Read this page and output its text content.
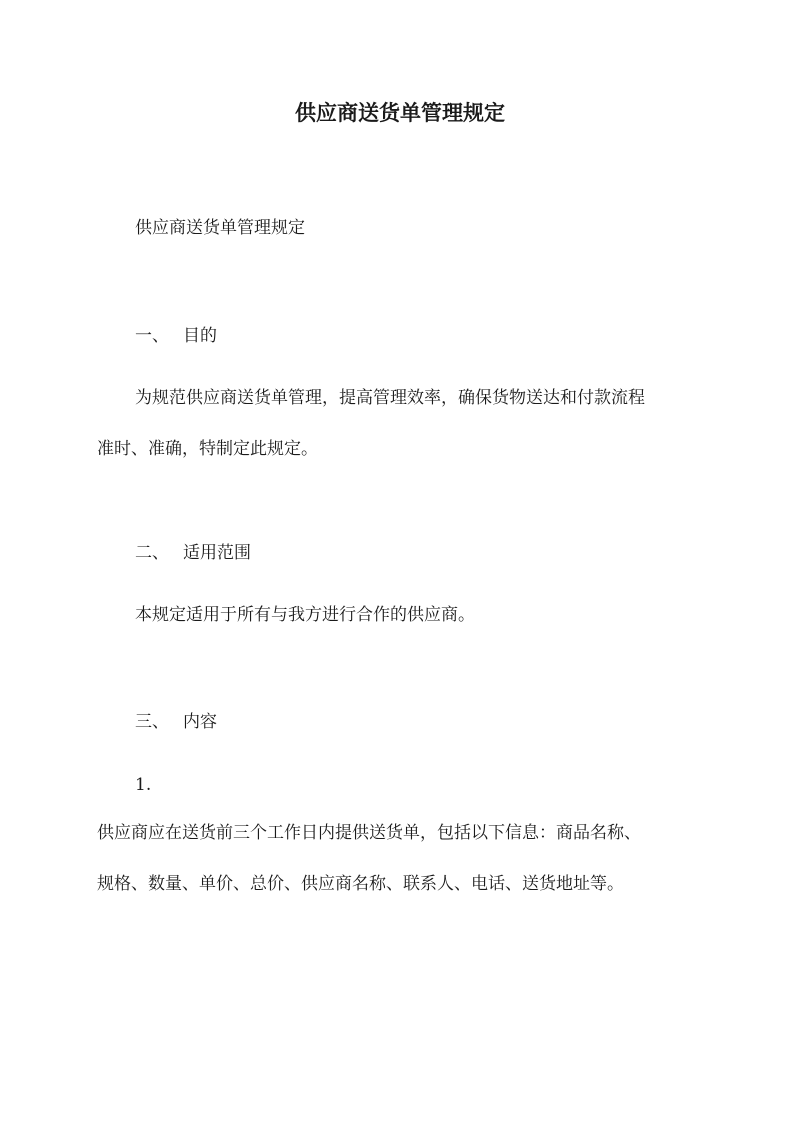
供应商送货单管理规定

供应商送货单管理规定

一、 目的

为规范供应商送货单管理，提高管理效率，确保货物送达和付款流程

准时、准确，特制定此规定。

二、 适用范围

本规定适用于所有与我方进行合作的供应商。

三、 内容

1.

供应商应在送货前三个工作日内提供送货单，包括以下信息：商品名称、

规格、数量、单价、总价、供应商名称、联系人、电话、送货地址等。
